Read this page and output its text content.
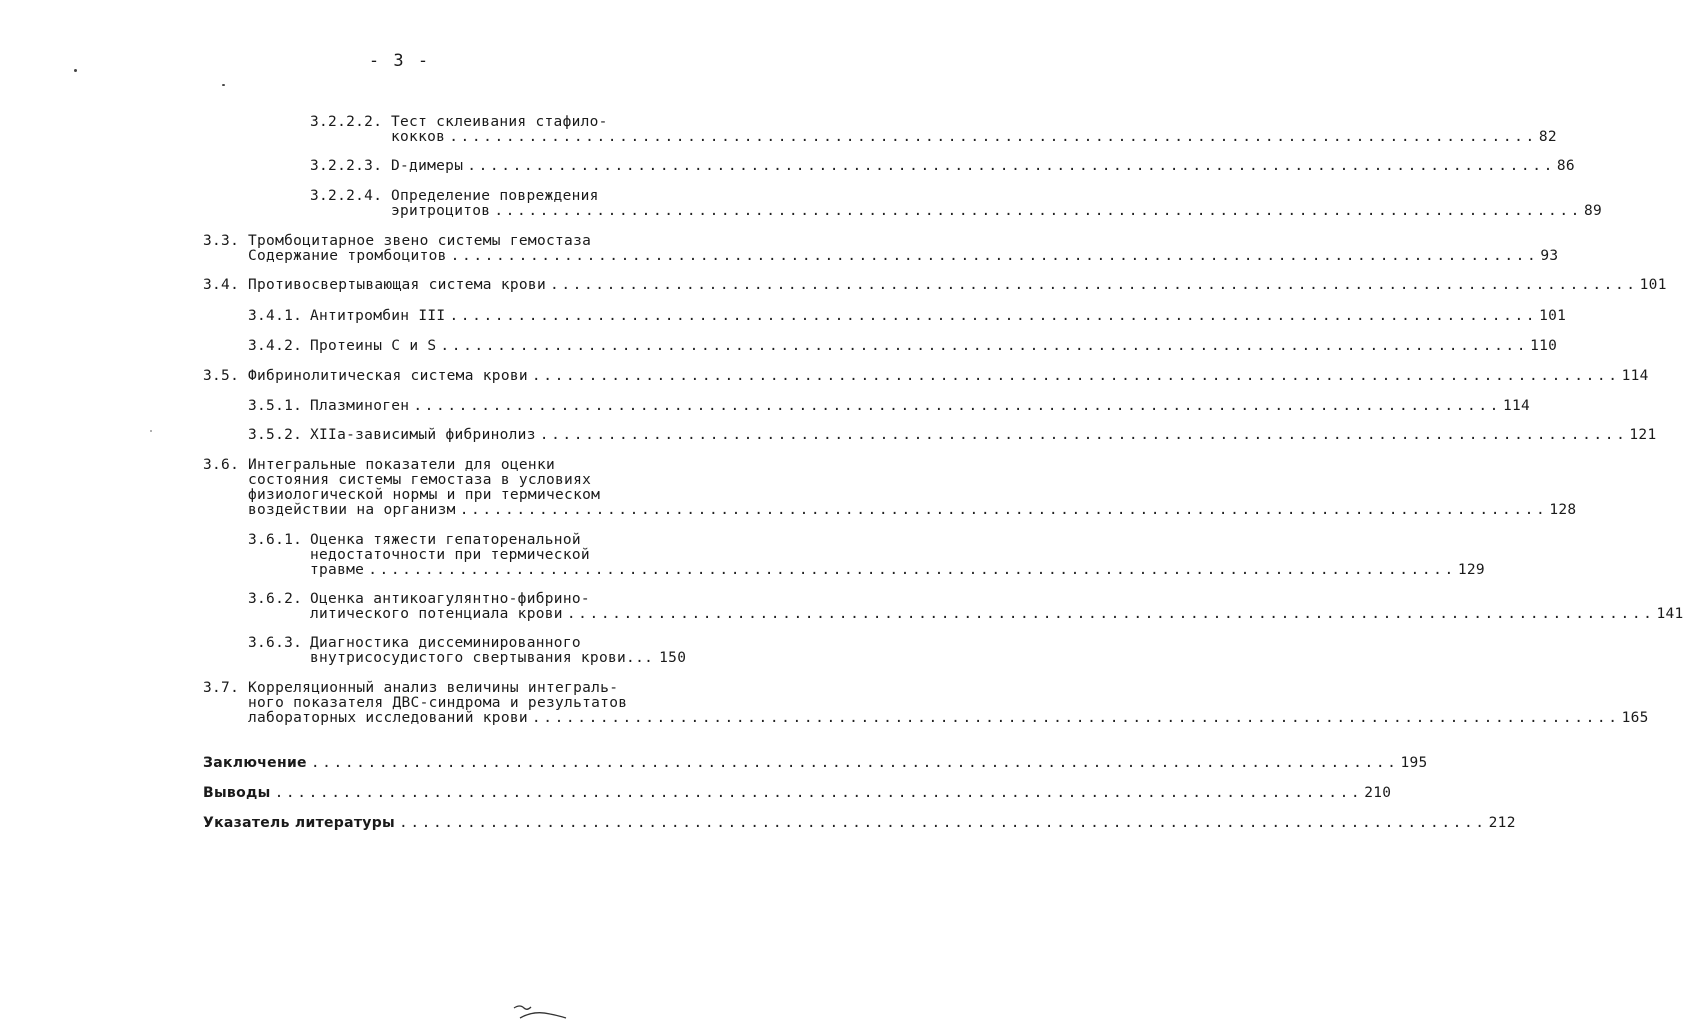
- 3 -
3.2.2.2. Тест склеивания стафило-
кокков ................................................................................................ 82
3.2.2.3. D-димеры ................................................................................................ 86
3.2.2.4. Определение повреждения
эритроцитов ................................................................................................ 89
3.3. Тромбоцитарное звено системы гемостаза
Содержание тромбоцитов ................................................................................................ 93
3.4. Противосвертывающая система крови ................................................................................................ 101
3.4.1. Антитромбин III ................................................................................................ 101
3.4.2. Протеины C и S ................................................................................................ 110
3.5. Фибринолитическая система крови ................................................................................................ 114
3.5.1. Плазминоген ................................................................................................ 114
3.5.2. XIIа-зависимый фибринолиз ................................................................................................ 121
3.6. Интегральные показатели для оценки
состояния системы гемостаза в условиях
физиологической нормы и при термическом
воздействии на организм ................................................................................................ 128
3.6.1. Оценка тяжести гепаторенальной
недостаточности при термической
травме ................................................................................................ 129
3.6.2. Оценка антикоагулянтно-фибрино-
литического потенциала крови ................................................................................................ 141
3.6.3. Диагностика диссеминированного
внутрисосудистого свертывания крови... 150
3.7. Корреляционный анализ величины интеграль-
ного показателя ДВС-синдрома и результатов
лабораторных исследований крови ................................................................................................ 165
Заключение ................................................................................................ 195
Выводы ................................................................................................ 210
Указатель литературы ................................................................................................ 212
